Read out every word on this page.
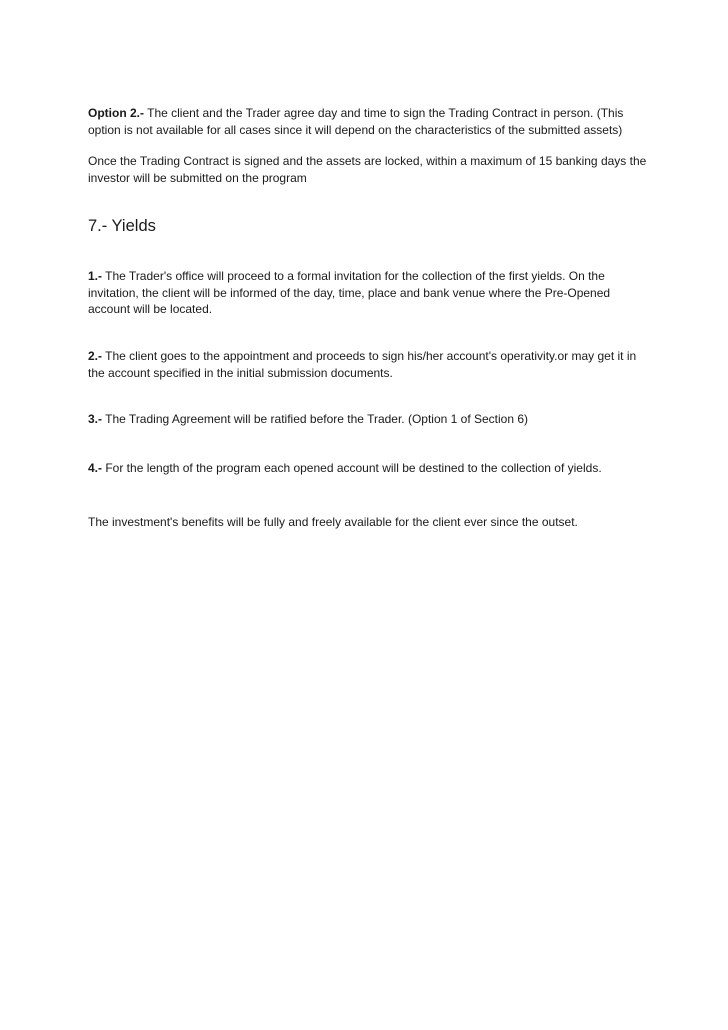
Option 2.- The client and the Trader agree day and time to sign the Trading Contract in person. (This option is not available for all cases since it will depend on the characteristics of the submitted assets)

Once the Trading Contract is signed and the assets are locked, within a maximum of 15 banking days the investor will be submitted on the program

7.- Yields

1.- The Trader's office will proceed to a formal invitation for the collection of the first yields. On the invitation, the client will be informed of the day, time, place and bank venue where the Pre-Opened account will be located.

2.- The client goes to the appointment and proceeds to sign his/her account's operativity.or may get it in the account specified in the initial submission documents.

3.- The Trading Agreement will be ratified before the Trader. (Option 1 of Section 6)

4.- For the length of the program each opened account will be destined to the collection of yields.

The investment's benefits will be fully and freely available for the client ever since the outset.
